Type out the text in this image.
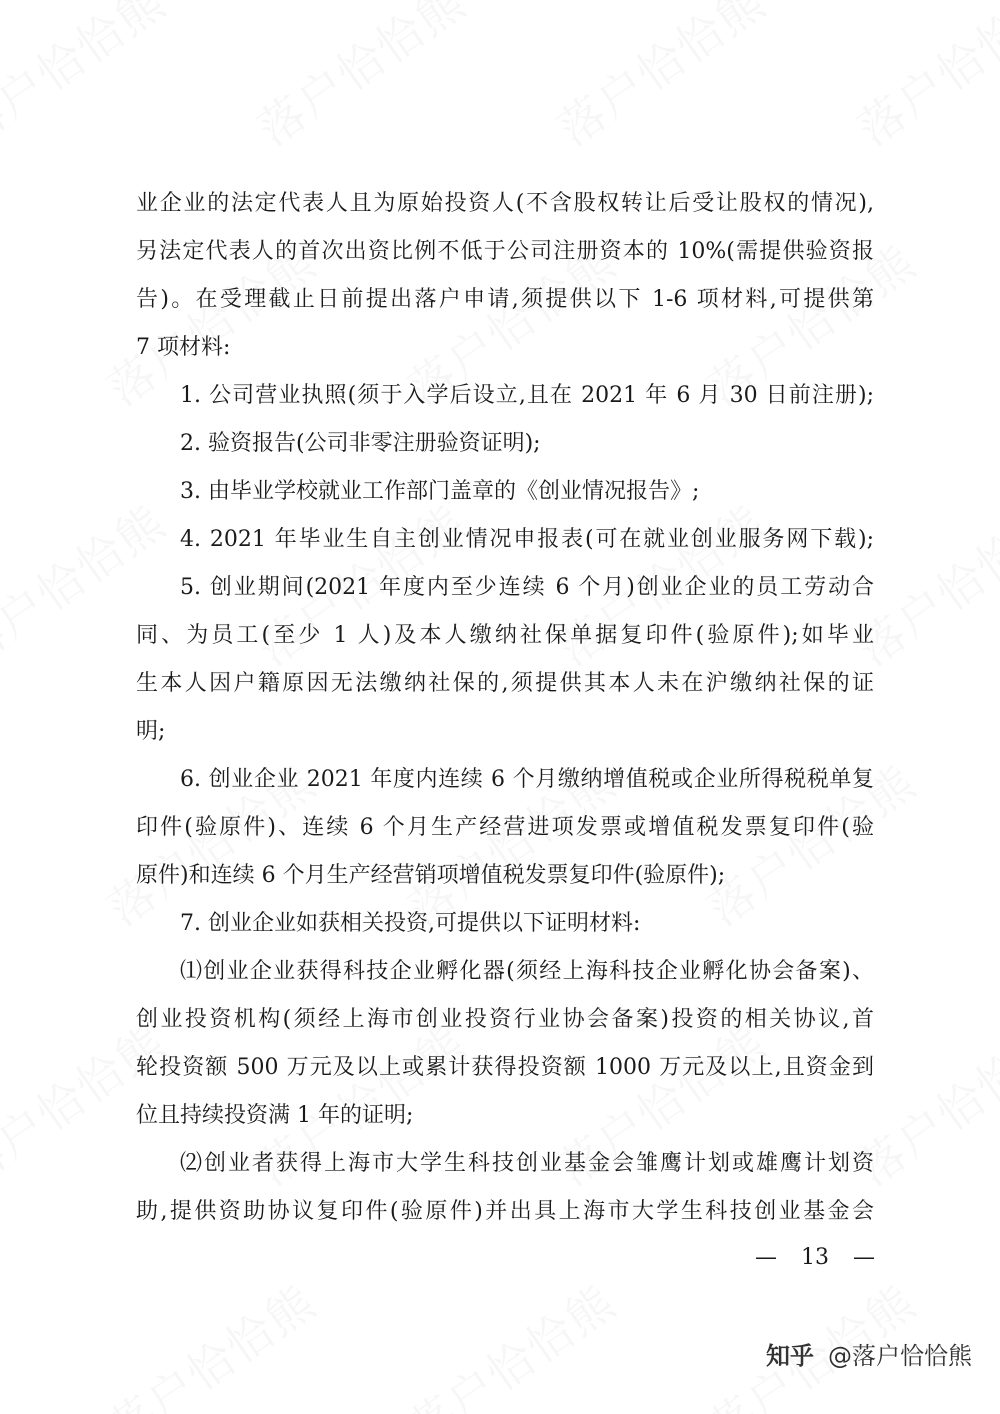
业企业的法定代表人且为原始投资人(不含股权转让后受让股权的情况),
另法定代表人的首次出资比例不低于公司注册资本的 10%(需提供验资报
告)。在受理截止日前提出落户申请,须提供以下 1-6 项材料,可提供第
7 项材料:
1. 公司营业执照(须于入学后设立,且在 2021 年 6 月 30 日前注册);
2. 验资报告(公司非零注册验资证明);
3. 由毕业学校就业工作部门盖章的《创业情况报告》;
4. 2021 年毕业生自主创业情况申报表(可在就业创业服务网下载);
5. 创业期间(2021 年度内至少连续 6 个月)创业企业的员工劳动合
同、为员工(至少 1 人)及本人缴纳社保单据复印件(验原件);如毕业
生本人因户籍原因无法缴纳社保的,须提供其本人未在沪缴纳社保的证
明;
6. 创业企业 2021 年度内连续 6 个月缴纳增值税或企业所得税税单复
印件(验原件)、连续 6 个月生产经营进项发票或增值税发票复印件(验
原件)和连续 6 个月生产经营销项增值税发票复印件(验原件);
7. 创业企业如获相关投资,可提供以下证明材料:
⑴创业企业获得科技企业孵化器(须经上海科技企业孵化协会备案)、
创业投资机构(须经上海市创业投资行业协会备案)投资的相关协议,首
轮投资额 500 万元及以上或累计获得投资额 1000 万元及以上,且资金到
位且持续投资满 1 年的证明;
⑵创业者获得上海市大学生科技创业基金会雏鹰计划或雄鹰计划资
助,提供资助协议复印件(验原件)并出具上海市大学生科技创业基金会
— 13 —
知乎 @落户恰恰熊
